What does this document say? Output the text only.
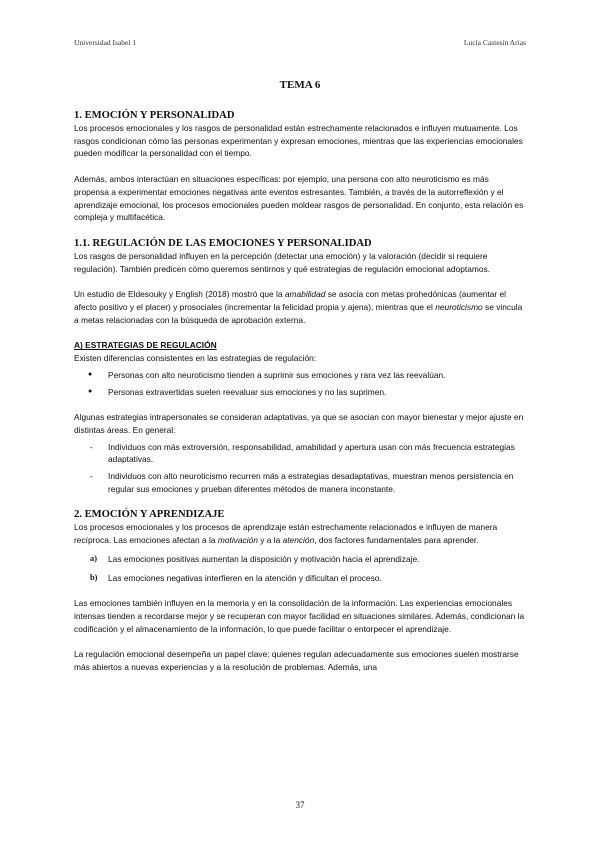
Universidad Isabel 1	Lucía Castesín Arias
TEMA 6
1. EMOCIÓN Y PERSONALIDAD

Los procesos emocionales y los rasgos de personalidad están estrechamente relacionados e influyen mutuamente. Los rasgos condicionan cómo las personas experimentan y expresan emociones, mientras que las experiencias emocionales pueden modificar la personalidad con el tiempo.

Además, ambos interactúan en situaciones específicas: por ejemplo, una persona con alto neuroticismo es más propensa a experimentar emociones negativas ante eventos estresantes. También, a través de la autorreflexión y el aprendizaje emocional, los procesos emocionales pueden moldear rasgos de personalidad. En conjunto, esta relación es compleja y multifacética.

1.1. REGULACIÓN DE LAS EMOCIONES Y PERSONALIDAD

Los rasgos de personalidad influyen en la percepción (detectar una emoción) y la valoración (decidir si requiere regulación). También predicen cómo queremos sentirnos y qué estrategias de regulación emocional adoptamos.

Un estudio de Eldesouky y English (2018) mostró que la amabilidad se asocia con metas prohedónicas (aumentar el afecto positivo y el placer) y prosociales (incrementar la felicidad propia y ajena), mientras que el neuroticismo se vincula a metas relacionadas con la búsqueda de aprobación externa.

A) ESTRATEGIAS DE REGULACIÓN

Existen diferencias consistentes en las estrategias de regulación:

● Personas con alto neuroticismo tienden a suprimir sus emociones y rara vez las reevalúan.
● Personas extravertidas suelen reevaluar sus emociones y no las suprimen.

Algunas estrategias intrapersonales se consideran adaptativas, ya que se asocian con mayor bienestar y mejor ajuste en distintas áreas. En general:

- Individuos con más extroversión, responsabilidad, amabilidad y apertura usan con más frecuencia estrategias adaptativas.
- Individuos con alto neuroticismo recurren más a estrategias desadaptativas, muestran menos persistencia en regular sus emociones y prueban diferentes métodos de manera inconstante.
2. EMOCIÓN Y APRENDIZAJE

Los procesos emocionales y los procesos de aprendizaje están estrechamente relacionados e influyen de manera recíproca. Las emociones afectan a la motivación y a la atención, dos factores fundamentales para aprender.

a) Las emociones positivas aumentan la disposición y motivación hacia el aprendizaje.
b) Las emociones negativas interfieren en la atención y dificultan el proceso.

Las emociones también influyen en la memoria y en la consolidación de la información. Las experiencias emocionales intensas tienden a recordarse mejor y se recuperan con mayor facilidad en situaciones similares. Además, condicionan la codificación y el almacenamiento de la información, lo que puede facilitar o entorpecer el aprendizaje.

La regulación emocional desempeña un papel clave: quienes regulan adecuadamente sus emociones suelen mostrarse más abiertos a nuevas experiencias y a la resolución de problemas. Además, una

37
